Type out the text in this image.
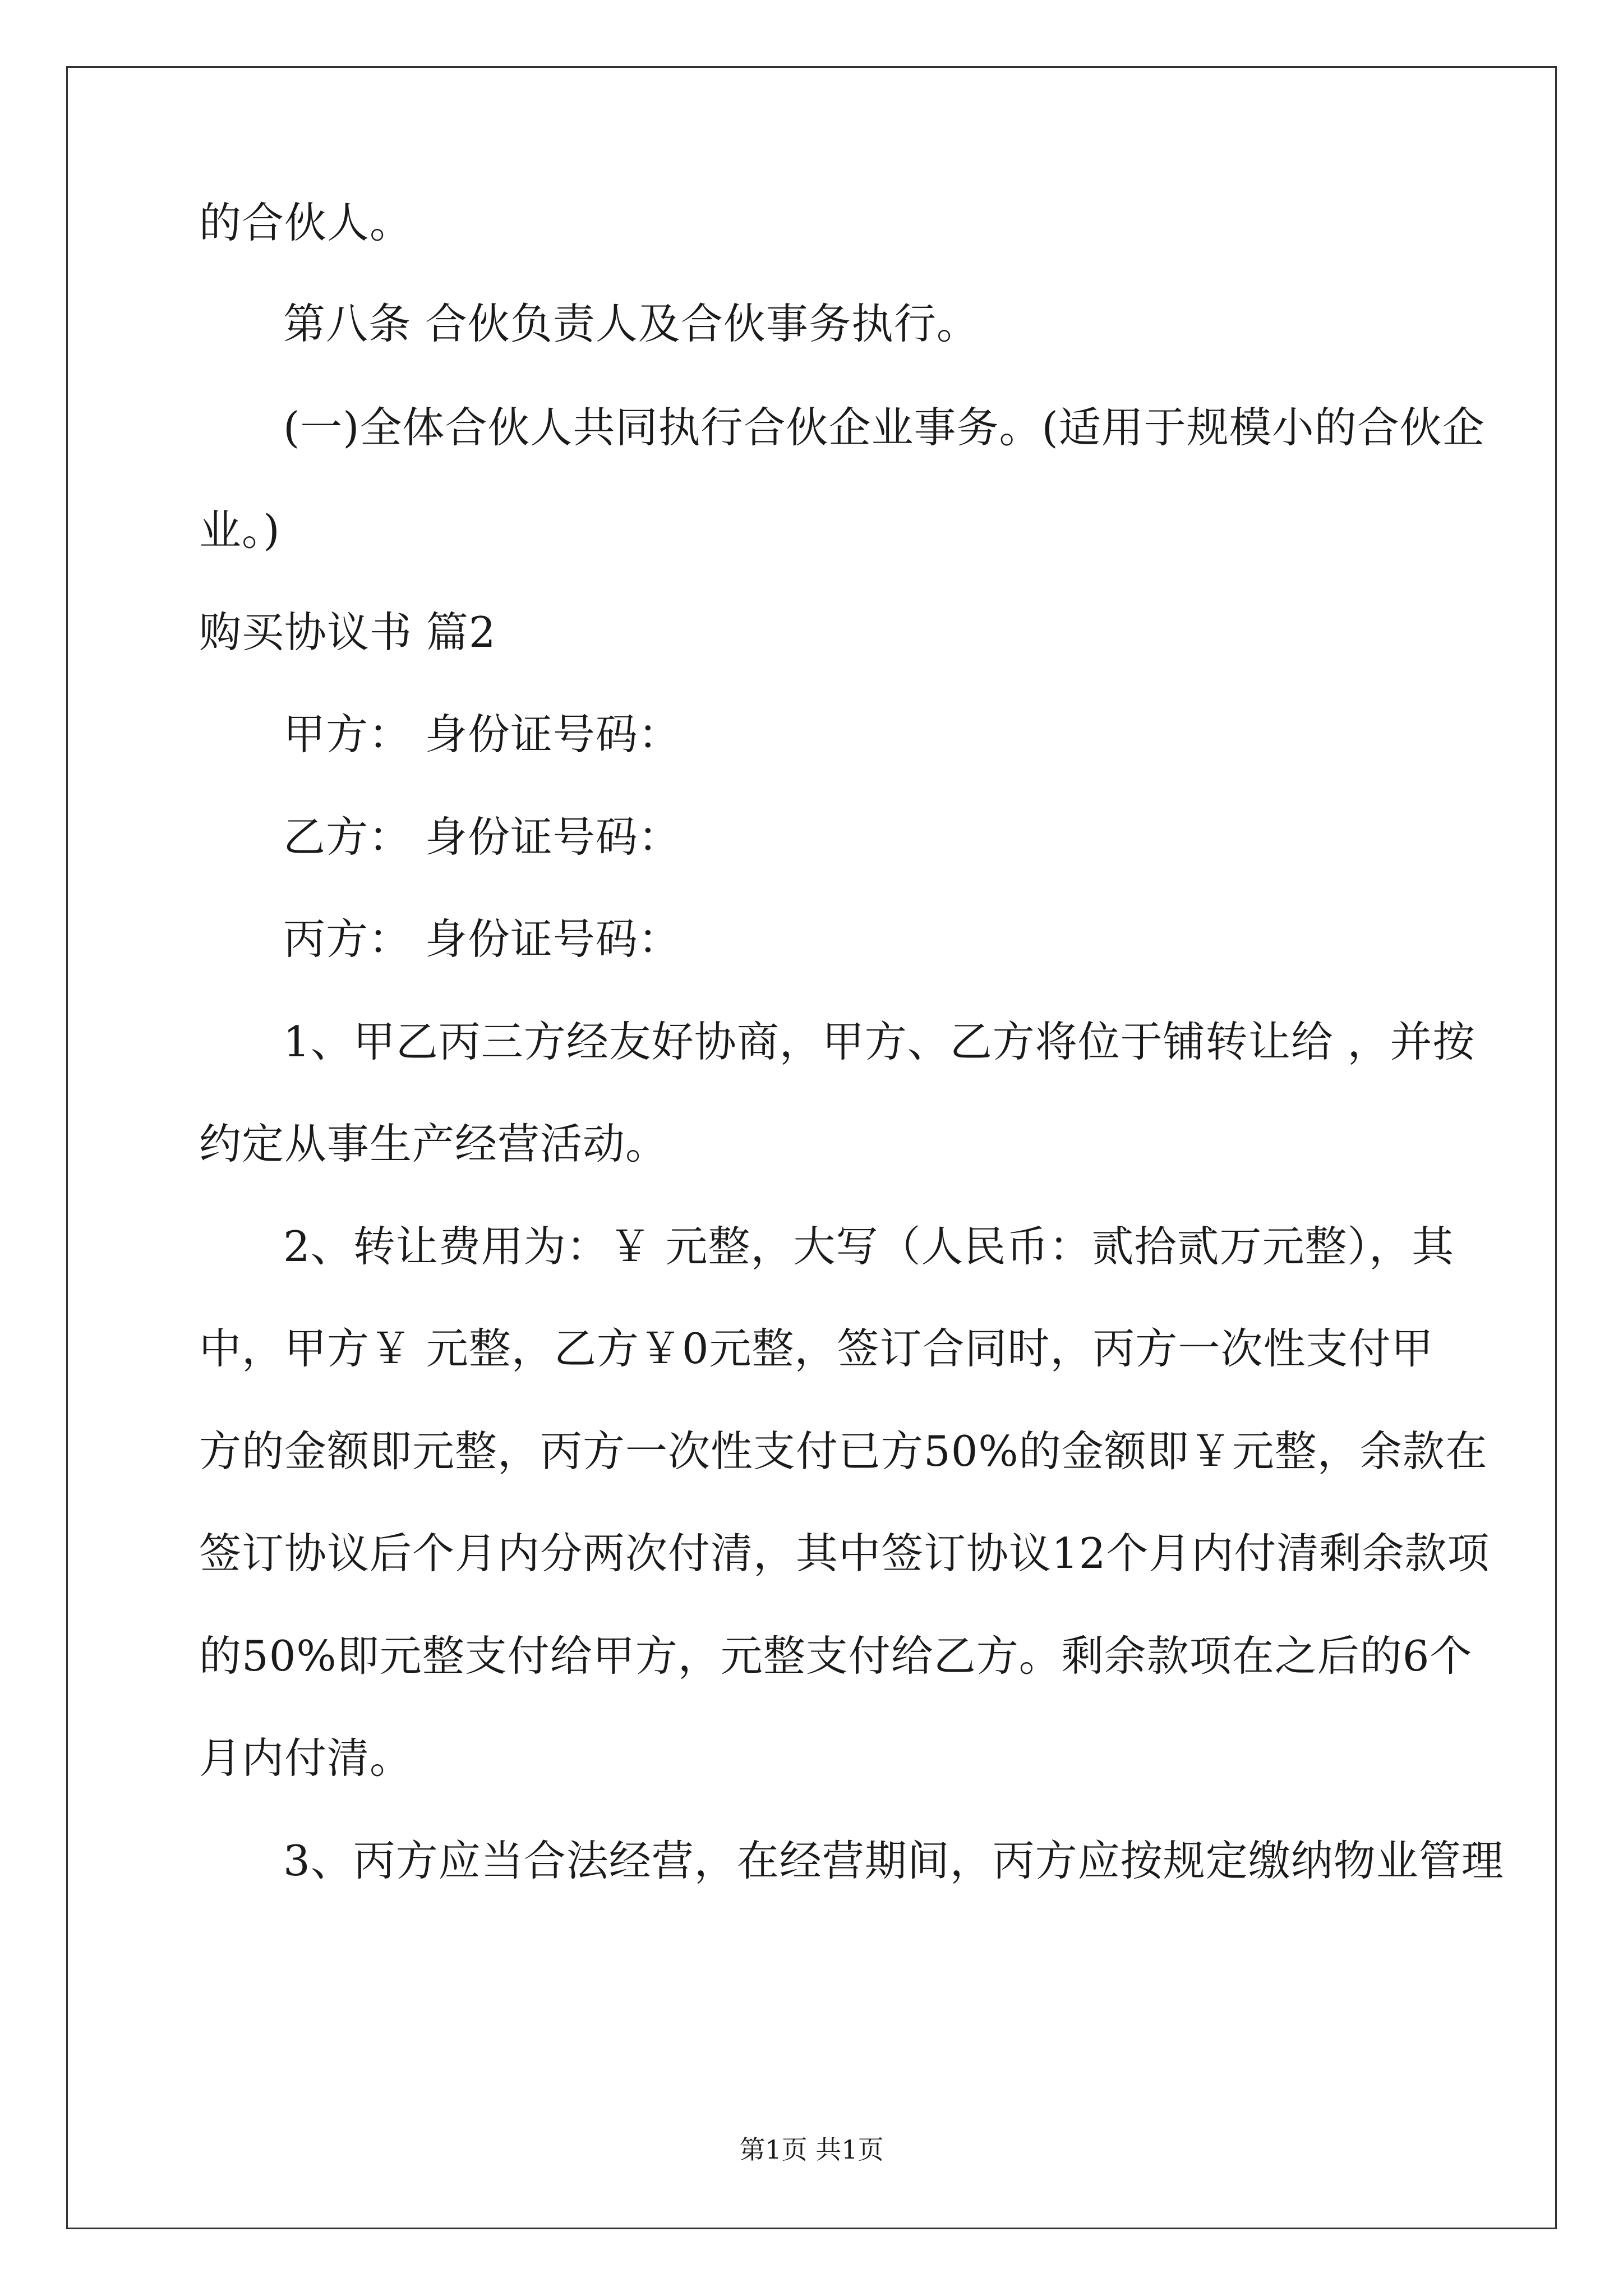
的合伙人。
第八条 合伙负责人及合伙事务执行。
(一)全体合伙人共同执行合伙企业事务。(适用于规模小的合伙企
业。)
购买协议书 篇2
甲方： 身份证号码：
乙方： 身份证号码：
丙方： 身份证号码：
1、甲乙丙三方经友好协商，甲方、乙方将位于铺转让给 ，并按
约定从事生产经营活动。
2、转让费用为：￥ 元整，大写（人民币：贰拾贰万元整），其
中，甲方￥ 元整，乙方￥0元整，签订合同时，丙方一次性支付甲
方的金额即元整，丙方一次性支付已方50%的金额即￥元整，余款在
签订协议后个月内分两次付清，其中签订协议12个月内付清剩余款项
的50%即元整支付给甲方，元整支付给乙方。剩余款项在之后的6个
月内付清。
3、丙方应当合法经营，在经营期间，丙方应按规定缴纳物业管理
第1页 共1页
